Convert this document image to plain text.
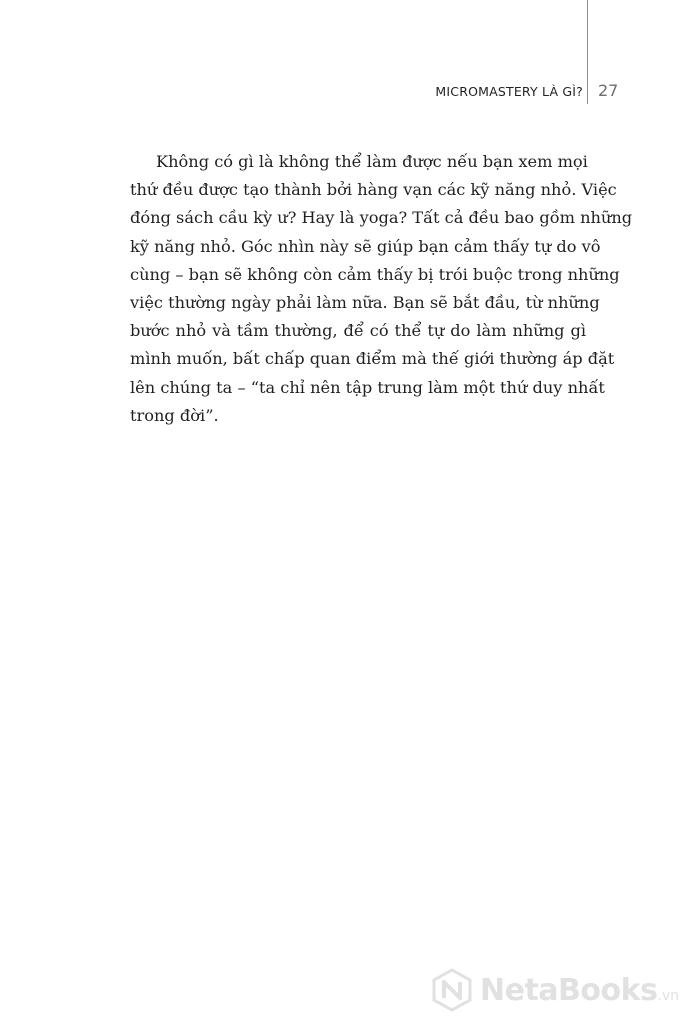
MICROMASTERY LÀ GÌ? 27
Không có gì là không thể làm được nếu bạn xem mọi
thứ đều được tạo thành bởi hàng vạn các kỹ năng nhỏ. Việc
đóng sách cầu kỳ ư? Hay là yoga? Tất cả đều bao gồm những
kỹ năng nhỏ. Góc nhìn này sẽ giúp bạn cảm thấy tự do vô
cùng – bạn sẽ không còn cảm thấy bị trói buộc trong những
việc thường ngày phải làm nữa. Bạn sẽ bắt đầu, từ những
bước nhỏ và tầm thường, để có thể tự do làm những gì
mình muốn, bất chấp quan điểm mà thế giới thường áp đặt
lên chúng ta – “ta chỉ nên tập trung làm một thứ duy nhất
trong đời”.
NetaBooks.vn
